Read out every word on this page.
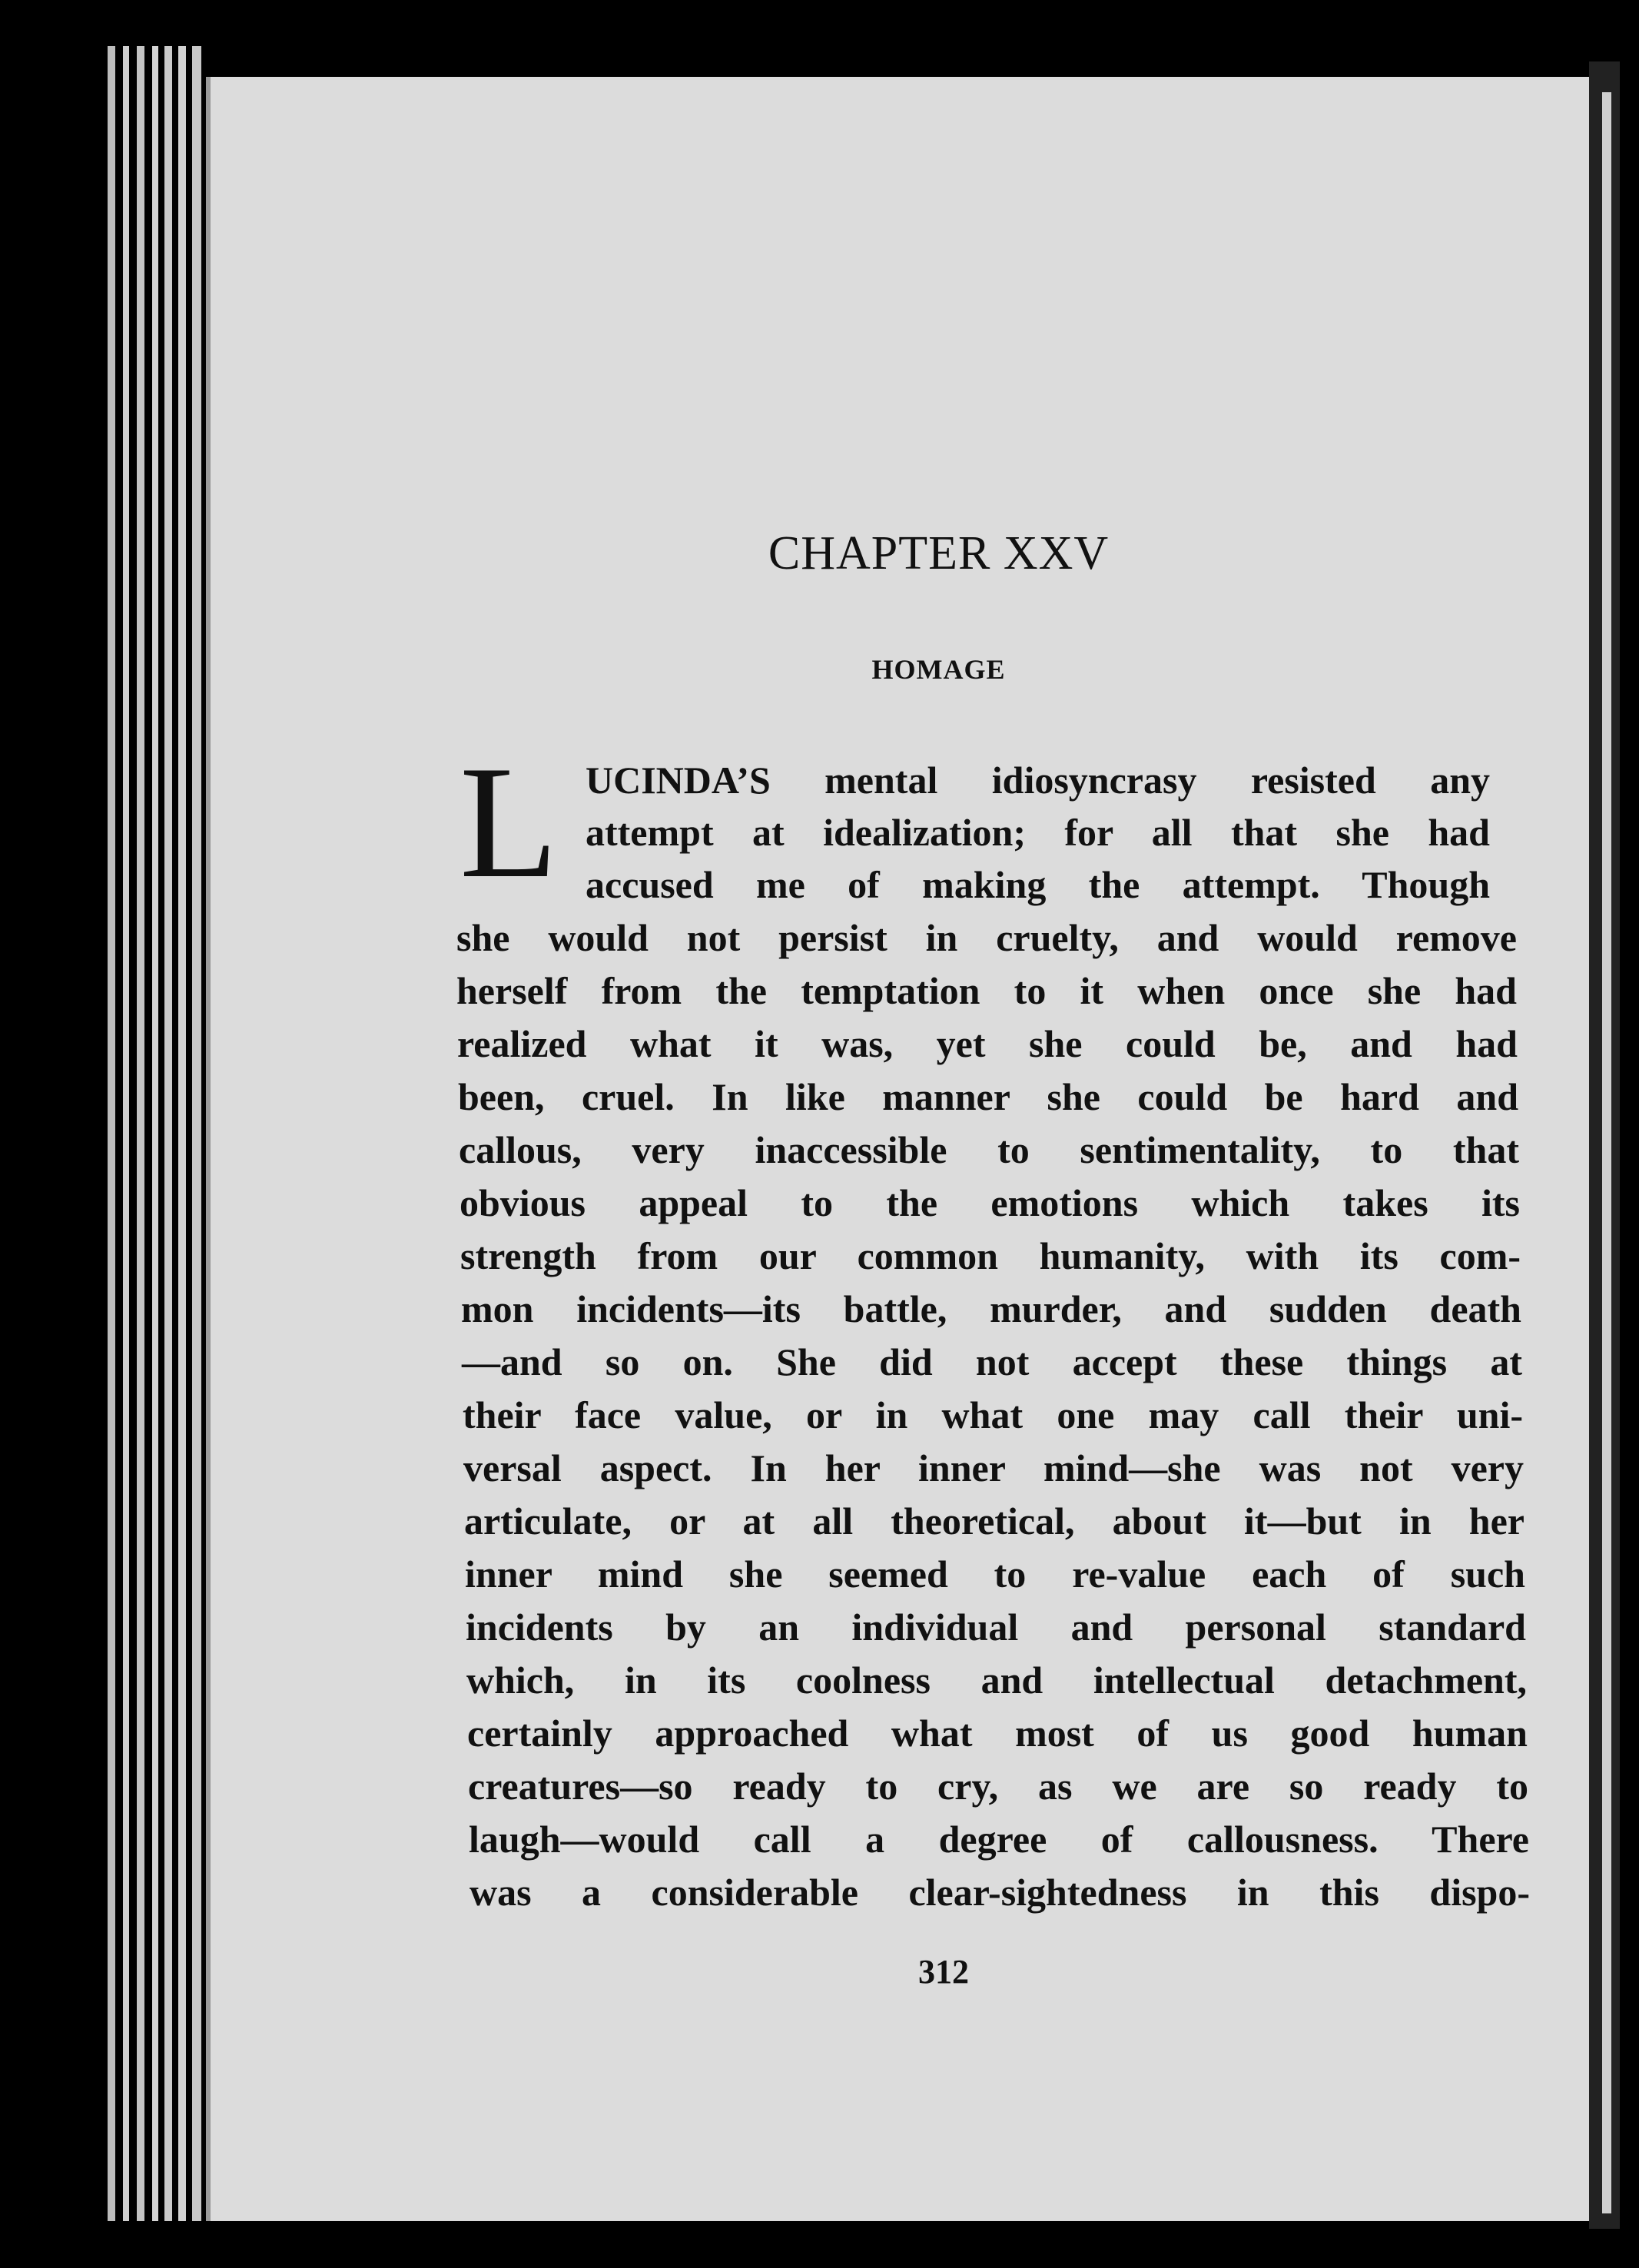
CHAPTER XXV
HOMAGE
L UCINDA’S mental idiosyncrasy resisted any
attempt at idealization; for all that she had
accused me of making the attempt. Though
she would not persist in cruelty, and would remove
herself from the temptation to it when once she had
realized what it was, yet she could be, and had
been, cruel. In like manner she could be hard and
callous, very inaccessible to sentimentality, to that
obvious appeal to the emotions which takes its
strength from our common humanity, with its com-
mon incidents—its battle, murder, and sudden death
—and so on. She did not accept these things at
their face value, or in what one may call their uni-
versal aspect. In her inner mind—she was not very
articulate, or at all theoretical, about it—but in her
inner mind she seemed to re-value each of such
incidents by an individual and personal standard
which, in its coolness and intellectual detachment,
certainly approached what most of us good human
creatures—so ready to cry, as we are so ready to
laugh—would call a degree of callousness. There
was a considerable clear-sightedness in this dispo-
312
